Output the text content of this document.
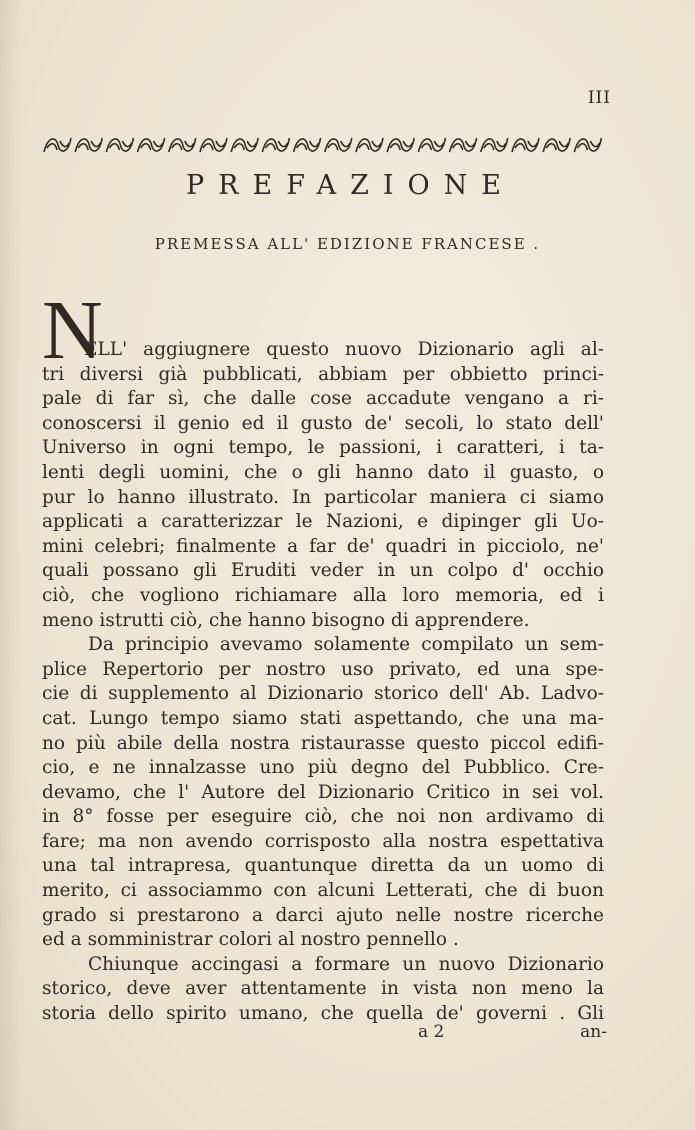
III
PREFAZIONE
PREMESSA ALL' EDIZIONE FRANCESE .
N
ELL' aggiugnere questo nuovo Dizionario agli al-
tri diversi già pubblicati, abbiam per obbietto princi-
pale di far sì, che dalle cose accadute vengano a ri-
conoscersi il genio ed il gusto de' secoli, lo stato dell'
Universo in ogni tempo, le passioni, i caratteri, i ta-
lenti degli uomini, che o gli hanno dato il guasto, o
pur lo hanno illustrato. In particolar maniera ci siamo
applicati a caratterizzar le Nazioni, e dipinger gli Uo-
mini celebri; finalmente a far de' quadri in picciolo, ne'
quali possano gli Eruditi veder in un colpo d' occhio
ciò, che vogliono richiamare alla loro memoria, ed i
meno istrutti ciò, che hanno bisogno di apprendere.
Da principio avevamo solamente compilato un sem-
plice Repertorio per nostro uso privato, ed una spe-
cie di supplemento al Dizionario storico dell' Ab. Ladvo-
cat. Lungo tempo siamo stati aspettando, che una ma-
no più abile della nostra ristaurasse questo piccol edifi-
cio, e ne innalzasse uno più degno del Pubblico. Cre-
devamo, che l' Autore del Dizionario Critico in sei vol.
in 8° fosse per eseguire ciò, che noi non ardivamo di
fare; ma non avendo corrisposto alla nostra espettativa
una tal intrapresa, quantunque diretta da un uomo di
merito, ci associammo con alcuni Letterati, che di buon
grado si prestarono a darci ajuto nelle nostre ricerche
ed a somministrar colori al nostro pennello .
Chiunque accingasi a formare un nuovo Dizionario
storico, deve aver attentamente in vista non meno la
storia dello spirito umano, che quella de' governi . Gli
a 2	an-
